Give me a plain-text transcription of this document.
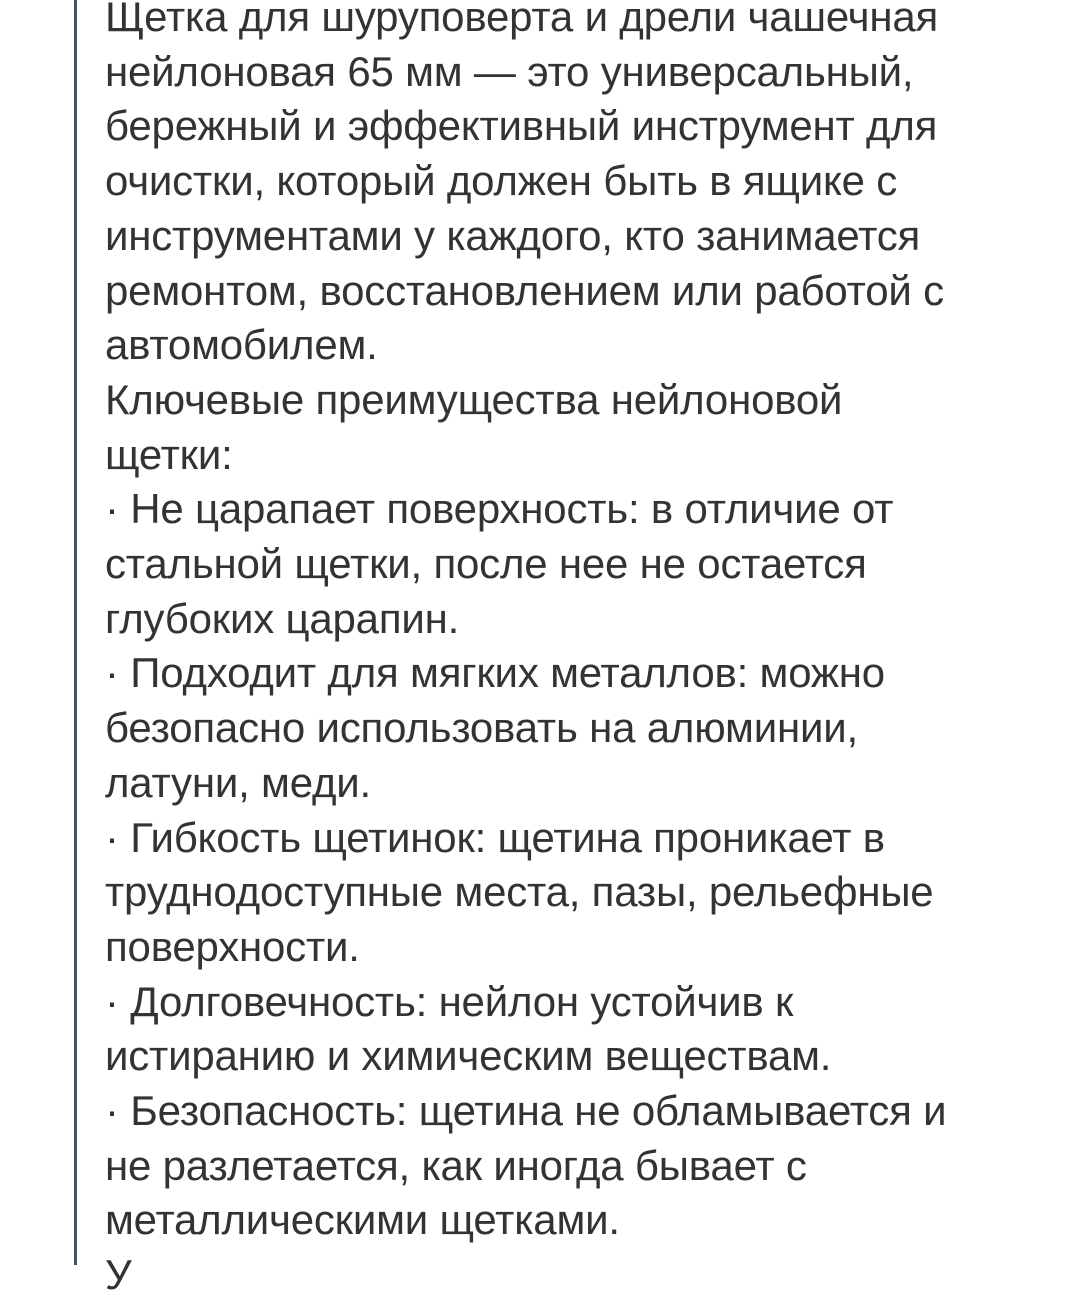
Щетка для шуруповерта и дрели чашечная
нейлоновая 65 мм — это универсальный,
бережный и эффективный инструмент для
очистки, который должен быть в ящике с
инструментами у каждого, кто занимается
ремонтом, восстановлением или работой с
автомобилем.
Ключевые преимущества нейлоновой
щетки:
· Не царапает поверхность: в отличие от
стальной щетки, после нее не остается
глубоких царапин.
· Подходит для мягких металлов: можно
безопасно использовать на алюминии,
латуни, меди.
· Гибкость щетинок: щетина проникает в
труднодоступные места, пазы, рельефные
поверхности.
· Долговечность: нейлон устойчив к
истиранию и химическим веществам.
· Безопасность: щетина не обламывается и
не разлетается, как иногда бывает с
металлическими щетками.
У
